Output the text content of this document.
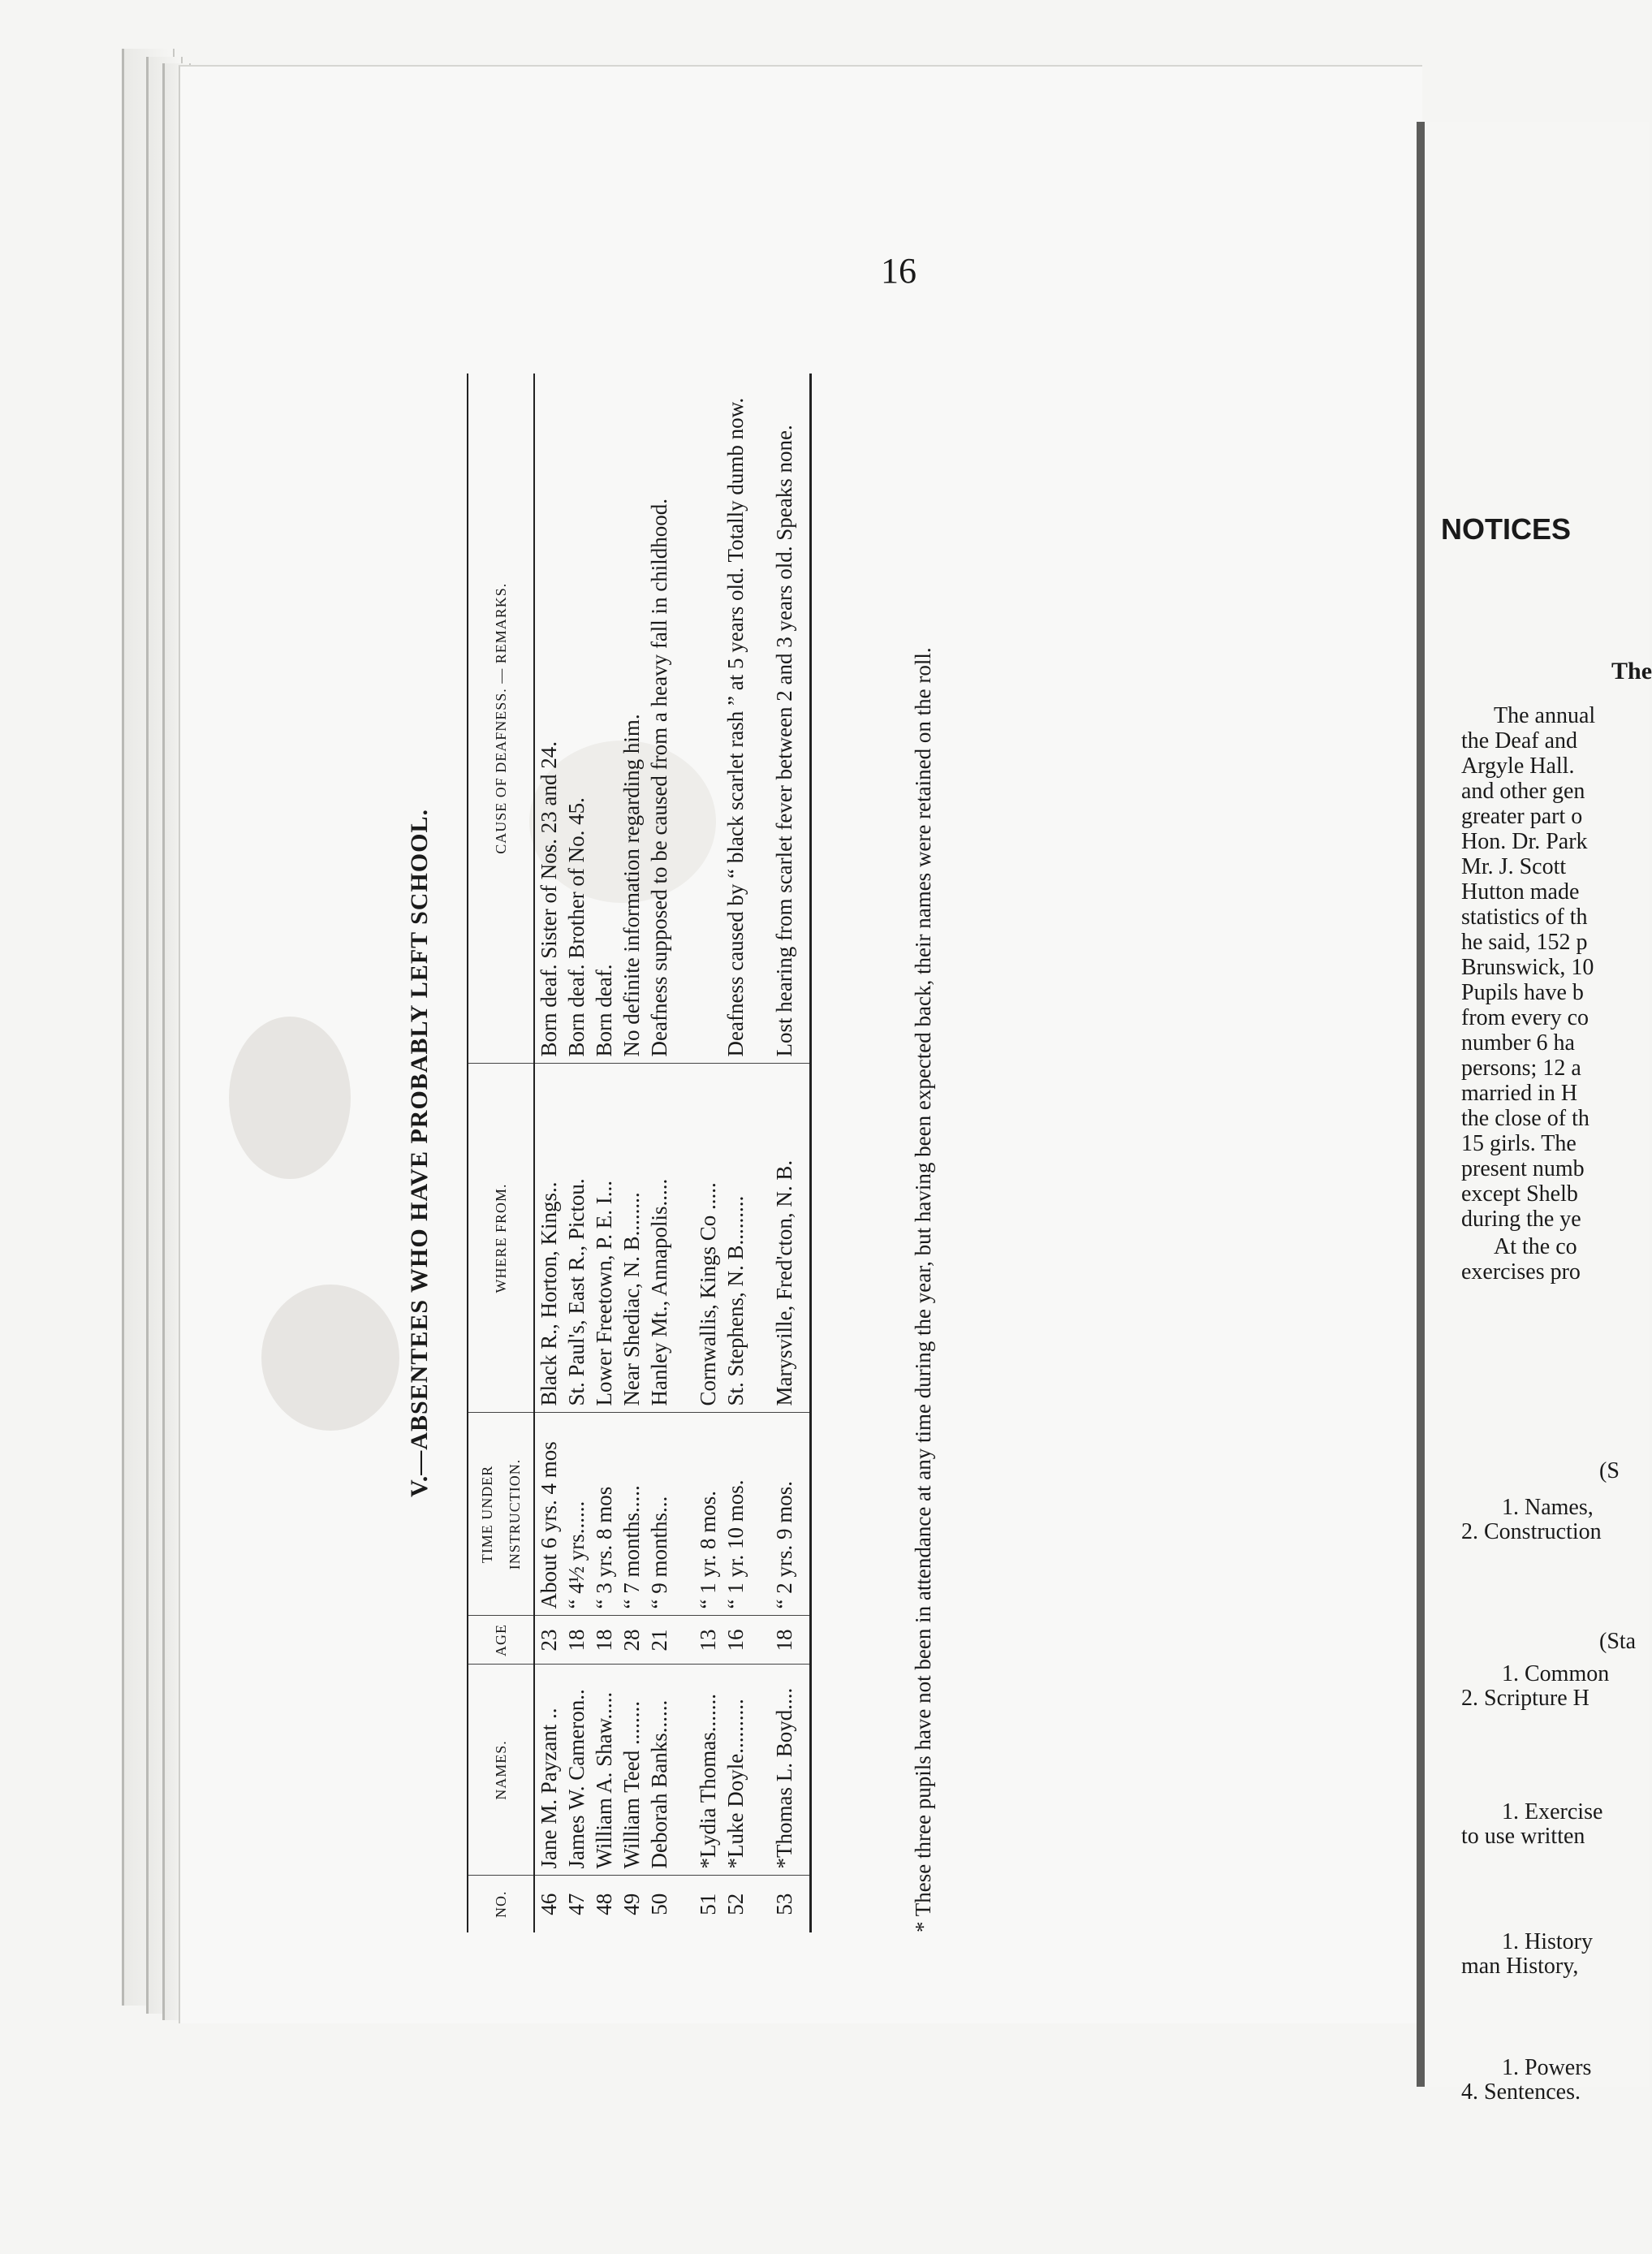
16
V.—ABSENTEES WHO HAVE PROBABLY LEFT SCHOOL.
NO.	NAMES.	AGE	TIME UNDER INSTRUCTION.	WHERE FROM.	CAUSE OF DEAFNESS. — REMARKS.
46	Jane M. Payzant ..	23	About 6 yrs. 4 mos	Black R., Horton, Kings..	Born deaf. Sister of Nos. 23 and 24.
47	James W. Cameron..	18	“ 4½ yrs......	St. Paul's, East R., Pictou.	Born deaf. Brother of No. 45.
48	William A. Shaw.....	18	“ 3 yrs. 8 mos	Lower Freetown, P. E. I...	Born deaf.
49	William Teed ........	28	“ 7 months.....	Near Shediac, N. B........	No definite information regarding him.
50	Deborah Banks......	21	“ 9 months...	Hanley Mt., Annapolis.....	Deafness supposed to be caused from a heavy fall in childhood.
51	*Lydia Thomas.......	13	“ 1 yr. 8 mos.	Cornwallis, Kings Co .....	
52	*Luke Doyle..........	16	“ 1 yr. 10 mos.	St. Stephens, N. B.........	Deafness caused by “ black scarlet rash ” at 5 years old. Totally dumb now.
53	*Thomas L. Boyd....	18	“ 2 yrs. 9 mos.	Marysville, Fred'cton, N. B.	Lost hearing from scarlet fever between 2 and 3 years old. Speaks none.	* These three pupils have not been in attendance at any time during the year, but having been expected back, their names were retained on the roll.
NOTICES
The
The annual
the Deaf and
Argyle Hall.
and other gen
greater part o
Hon. Dr. Park
Mr. J. Scott
Hutton made
statistics of th
he said, 152 p
Brunswick, 10
Pupils have b
from every co
number 6 ha
persons; 12 a
married in H
the close of th
15 girls. The
present numb
except Shelb
during the ye
At the co
exercises pro
(S
1. Names,
2. Construction
(Sta
1. Common
2. Scripture H
1. Exercise
to use written
1. History
man History,
1. Powers
4. Sentences.
